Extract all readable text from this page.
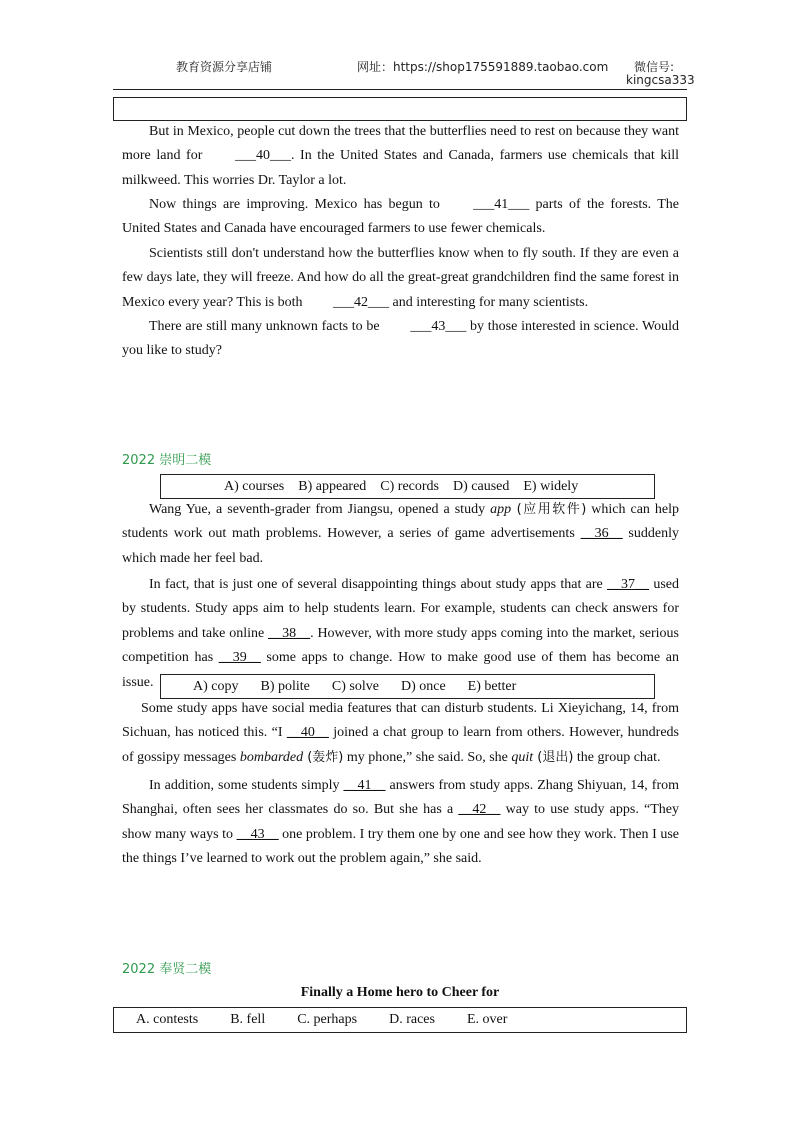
教育资源分享店铺	网址：https://shop175591889.taobao.com 微信号:
kingcsa333

But in Mexico, people cut down the trees that the butterflies need to rest on because they want more land for ___40___. In the United States and Canada, farmers use chemicals that kill milkweed. This worries Dr. Taylor a lot.

Now things are improving. Mexico has begun to ___41___ parts of the forests. The United States and Canada have encouraged farmers to use fewer chemicals.

Scientists still don't understand how the butterflies know when to fly south. If they are even a few days late, they will freeze. And how do all the great-great grandchildren find the same forest in Mexico every year? This is both ___42___ and interesting for many scientists.

There are still many unknown facts to be ___43___ by those interested in science. Would you like to study?

2022 崇明二模
A) courses B) appeared C) records D) caused E) widely

Wang Yue, a seventh-grader from Jiangsu, opened a study app (应用软件) which can help students work out math problems. However, a series of game advertisements __36__ suddenly which made her feel bad.

In fact, that is just one of several disappointing things about study apps that are __37__ used by students. Study apps aim to help students learn. For example, students can check answers for problems and take online __38__. However, with more study apps coming into the market, serious competition has __39__ some apps to change. How to make good use of them has become an issue.	A) copy B) polite C) solve D) once E) better

Some study apps have social media features that can disturb students. Li Xieyichang, 14, from Sichuan, has noticed this. “I __40__ joined a chat group to learn from others. However, hundreds of gossipy messages bombarded (轰炸) my phone,” she said. So, she quit (退出) the group chat.

In addition, some students simply __41__ answers from study apps. Zhang Shiyuan, 14, from Shanghai, often sees her classmates do so. But she has a __42__ way to use study apps. “They show many ways to __43__ one problem. I try them one by one and see how they work. Then I use the things I’ve learned to work out the problem again,” she said.

2022 奉贤二模
Finally a Home hero to Cheer for
A. contests B. fell C. perhaps D. races E. over
